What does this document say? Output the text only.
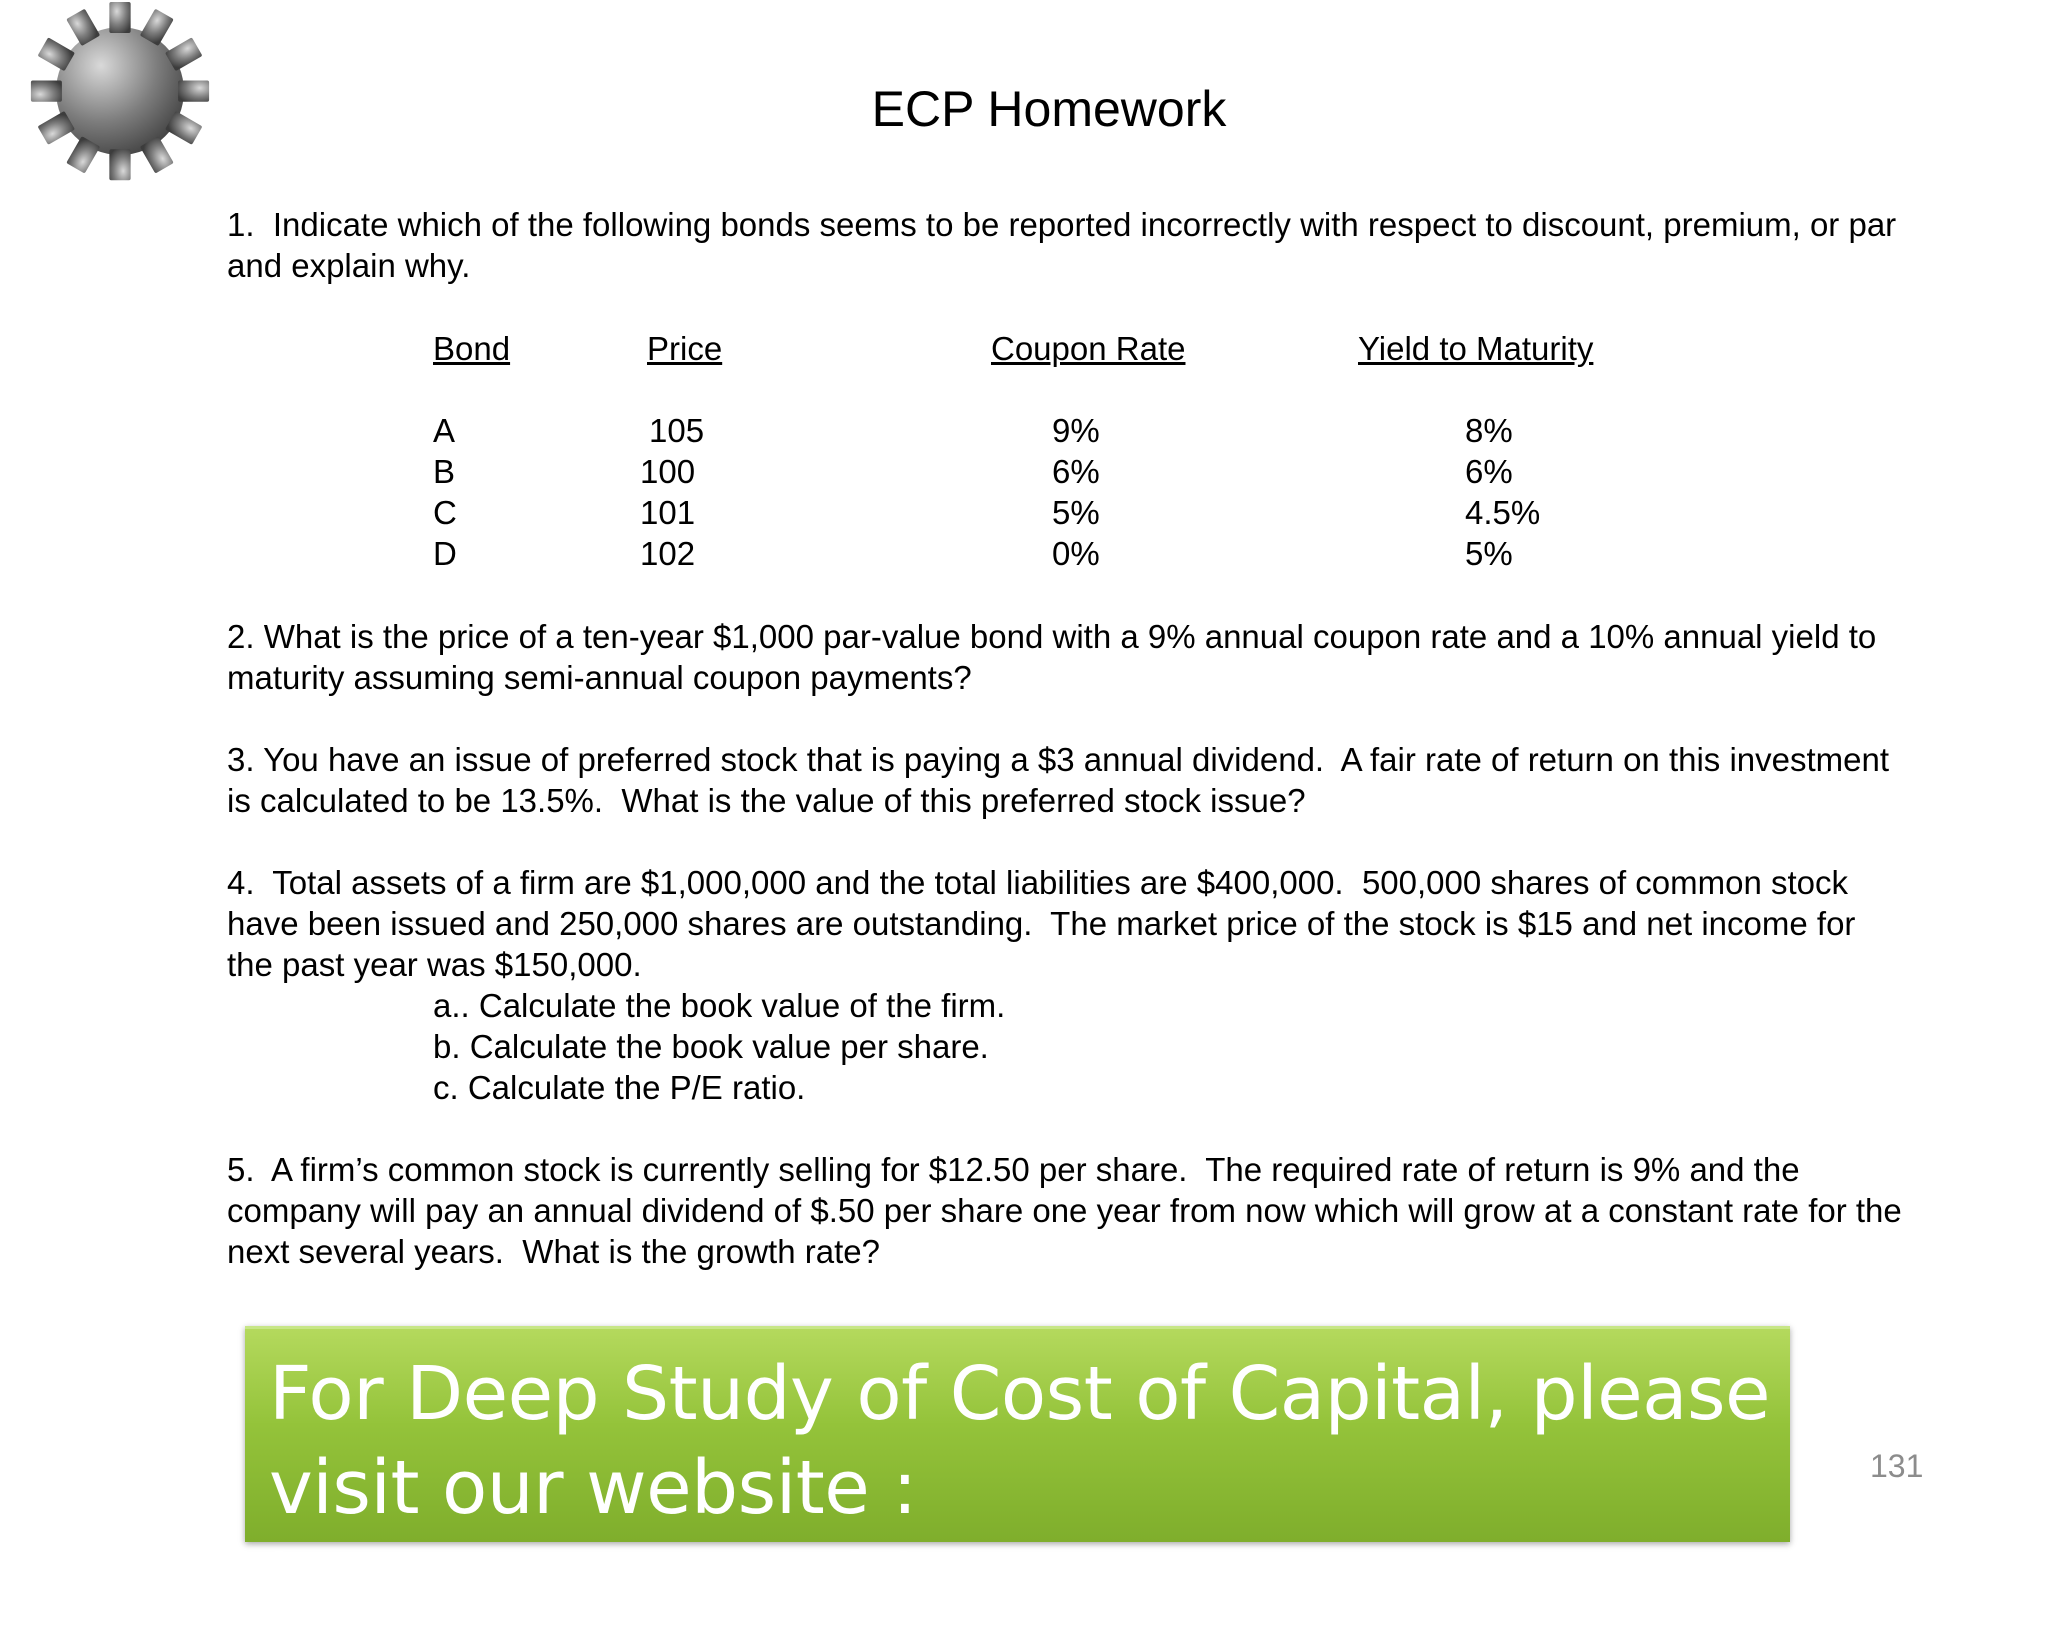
ECP Homework

1.  Indicate which of the following bonds seems to be reported incorrectly with respect to discount, premium, or par and explain why.

Bond	Price	Coupon Rate	Yield to Maturity
A	105	9%	8%
B	100	6%	6%
C	101	5%	4.5%
D	102	0%	5%

2. What is the price of a ten-year $1,000 par-value bond with a 9% annual coupon rate and a 10% annual yield to maturity assuming semi-annual coupon payments?

3. You have an issue of preferred stock that is paying a $3 annual dividend.  A fair rate of return on this investment is calculated to be 13.5%.  What is the value of this preferred stock issue?

4.  Total assets of a firm are $1,000,000 and the total liabilities are $400,000.  500,000 shares of common stock have been issued and 250,000 shares are outstanding.  The market price of the stock is $15 and net income for the past year was $150,000.

a.. Calculate the book value of the firm.
b. Calculate the book value per share.
c. Calculate the P/E ratio.

5.  A firm’s common stock is currently selling for $12.50 per share.  The required rate of return is 9% and the company will pay an annual dividend of $.50 per share one year from now which will grow at a constant rate for the next several years.  What is the growth rate?

For Deep Study of Cost of Capital, please visit our website : http://www.svtuition.org

131
